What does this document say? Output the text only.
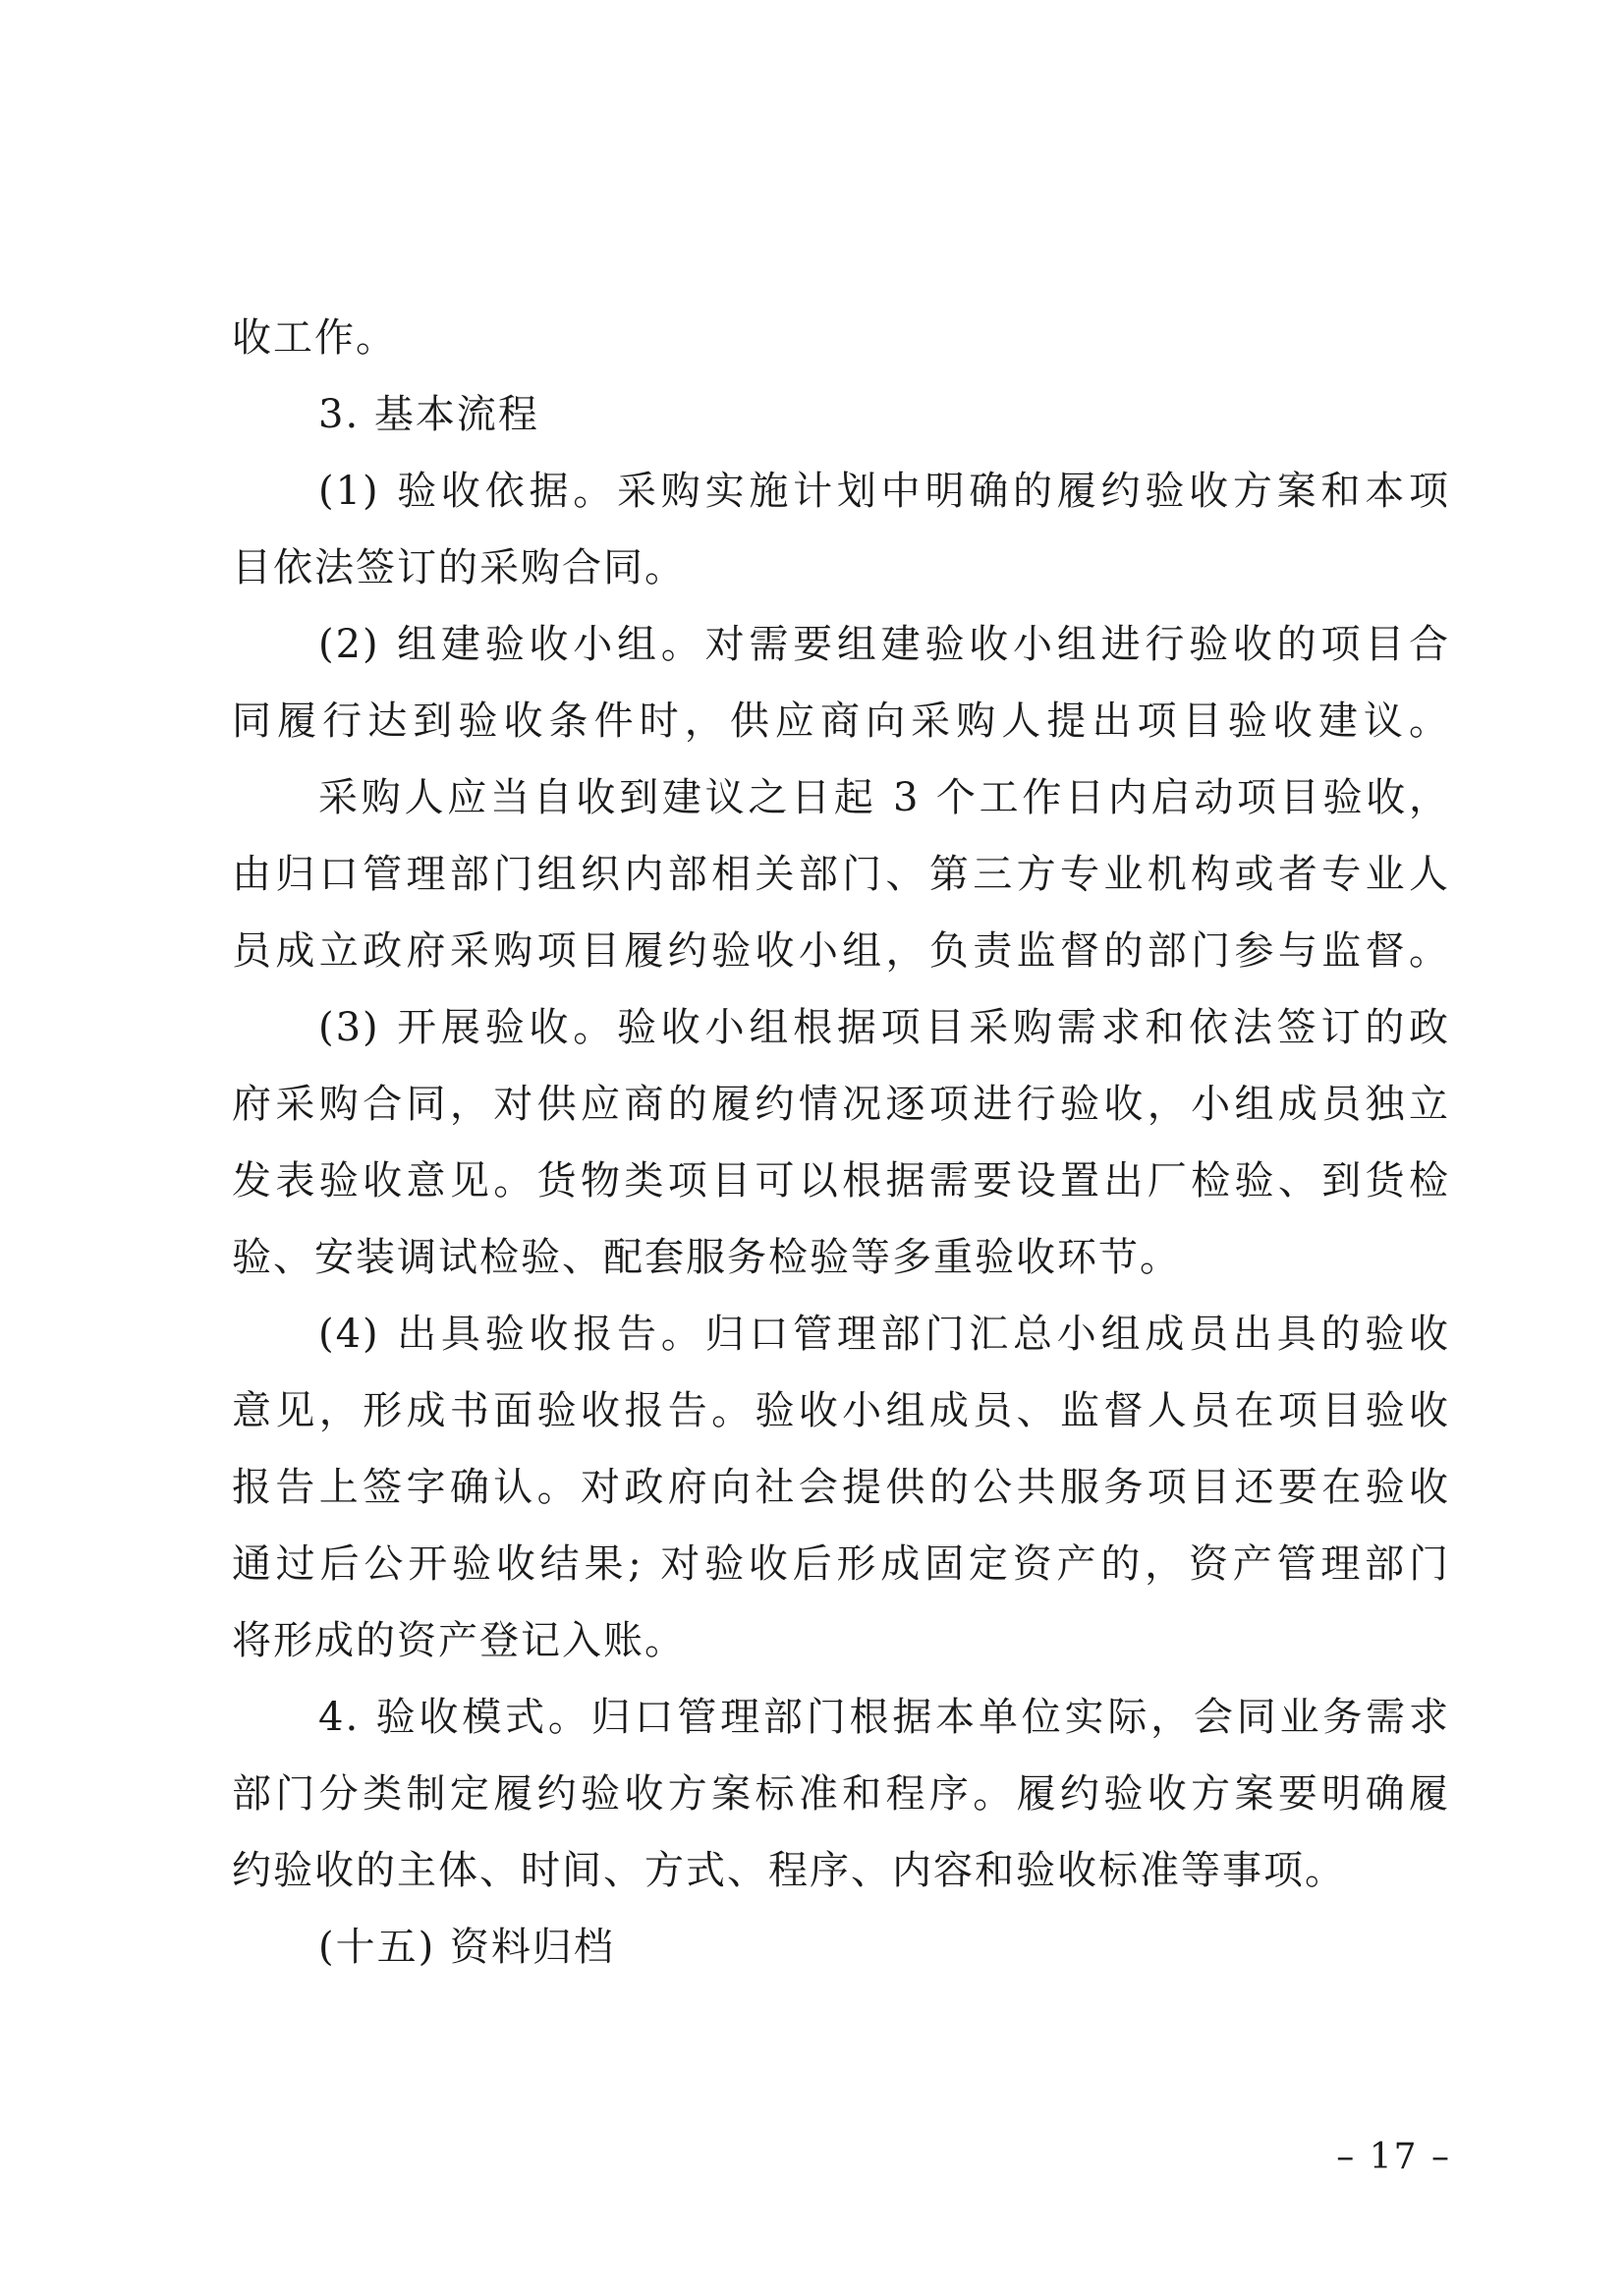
收工作。
3. 基本流程
(1) 验收依据。采购实施计划中明确的履约验收方案和本项
目依法签订的采购合同。
(2) 组建验收小组。对需要组建验收小组进行验收的项目合
同履行达到验收条件时，供应商向采购人提出项目验收建议。
采购人应当自收到建议之日起 3 个工作日内启动项目验收，
由归口管理部门组织内部相关部门、第三方专业机构或者专业人
员成立政府采购项目履约验收小组，负责监督的部门参与监督。
(3) 开展验收。验收小组根据项目采购需求和依法签订的政
府采购合同，对供应商的履约情况逐项进行验收，小组成员独立
发表验收意见。货物类项目可以根据需要设置出厂检验、到货检
验、安装调试检验、配套服务检验等多重验收环节。
(4) 出具验收报告。归口管理部门汇总小组成员出具的验收
意见，形成书面验收报告。验收小组成员、监督人员在项目验收
报告上签字确认。对政府向社会提供的公共服务项目还要在验收
通过后公开验收结果; 对验收后形成固定资产的，资产管理部门
将形成的资产登记入账。
4. 验收模式。归口管理部门根据本单位实际，会同业务需求
部门分类制定履约验收方案标准和程序。履约验收方案要明确履
约验收的主体、时间、方式、程序、内容和验收标准等事项。
(十五) 资料归档
– 17 –
